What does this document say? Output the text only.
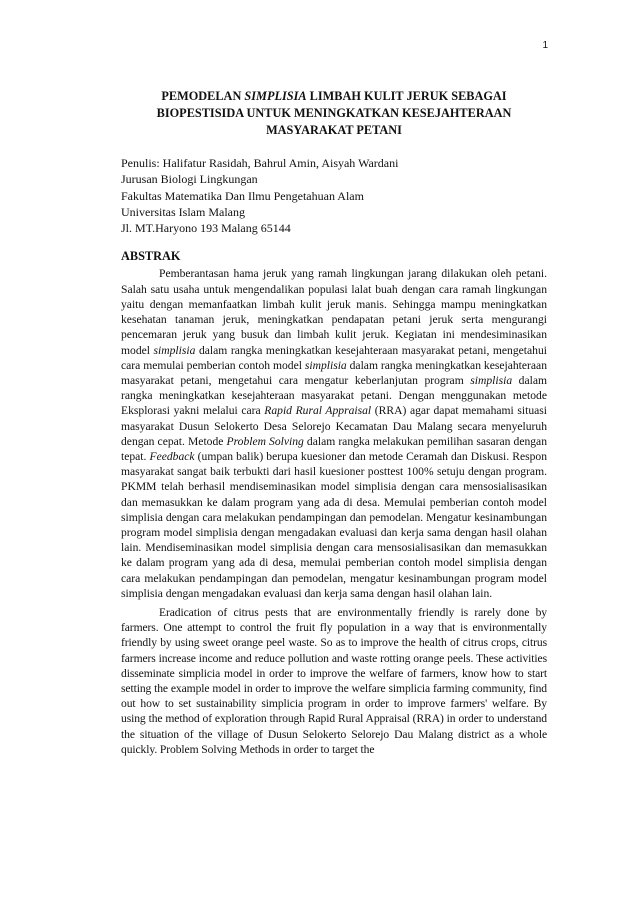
1
PEMODELAN SIMPLISIA LIMBAH KULIT JERUK SEBAGAI
BIOPESTISIDA UNTUK MENINGKATKAN KESEJAHTERAAN
MASYARAKAT PETANI
Penulis: Halifatur Rasidah, Bahrul Amin, Aisyah Wardani
Jurusan Biologi Lingkungan
Fakultas Matematika Dan Ilmu Pengetahuan Alam
Universitas Islam Malang
Jl. MT.Haryono 193 Malang 65144
ABSTRAK

Pemberantasan hama jeruk yang ramah lingkungan jarang dilakukan oleh petani. Salah satu usaha untuk mengendalikan populasi lalat buah dengan cara ramah lingkungan yaitu dengan memanfaatkan limbah kulit jeruk manis. Sehingga mampu meningkatkan kesehatan tanaman jeruk, meningkatkan pendapatan petani jeruk serta mengurangi pencemaran jeruk yang busuk dan limbah kulit jeruk. Kegiatan ini mendesiminasikan model simplisia dalam rangka meningkatkan kesejahteraan masyarakat petani, mengetahui cara memulai pemberian contoh model simplisia dalam rangka meningkatkan kesejahteraan masyarakat petani, mengetahui cara mengatur keberlanjutan program simplisia dalam rangka meningkatkan kesejahteraan masyarakat petani. Dengan menggunakan metode Eksplorasi yakni melalui cara Rapid Rural Appraisal (RRA) agar dapat memahami situasi masyarakat Dusun Selokerto Desa Selorejo Kecamatan Dau Malang secara menyeluruh dengan cepat. Metode Problem Solving dalam rangka melakukan pemilihan sasaran dengan tepat. Feedback (umpan balik) berupa kuesioner dan metode Ceramah dan Diskusi. Respon masyarakat sangat baik terbukti dari hasil kuesioner posttest 100% setuju dengan program. PKMM telah berhasil mendiseminasikan model simplisia dengan cara mensosialisasikan dan memasukkan ke dalam program yang ada di desa. Memulai pemberian contoh model simplisia dengan cara melakukan pendampingan dan pemodelan. Mengatur kesinambungan program model simplisia dengan mengadakan evaluasi dan kerja sama dengan hasil olahan lain. Mendiseminasikan model simplisia dengan cara mensosialisasikan dan memasukkan ke dalam program yang ada di desa, memulai pemberian contoh model simplisia dengan cara melakukan pendampingan dan pemodelan, mengatur kesinambungan program model simplisia dengan mengadakan evaluasi dan kerja sama dengan hasil olahan lain.

Eradication of citrus pests that are environmentally friendly is rarely done by farmers. One attempt to control the fruit fly population in a way that is environmentally friendly by using sweet orange peel waste. So as to improve the health of citrus crops, citrus farmers increase income and reduce pollution and waste rotting orange peels. These activities disseminate simplicia model in order to improve the welfare of farmers, know how to start setting the example model in order to improve the welfare simplicia farming community, find out how to set sustainability simplicia program in order to improve farmers' welfare. By using the method of exploration through Rapid Rural Appraisal (RRA) in order to understand the situation of the village of Dusun Selokerto Selorejo Dau Malang district as a whole quickly. Problem Solving Methods in order to target the
